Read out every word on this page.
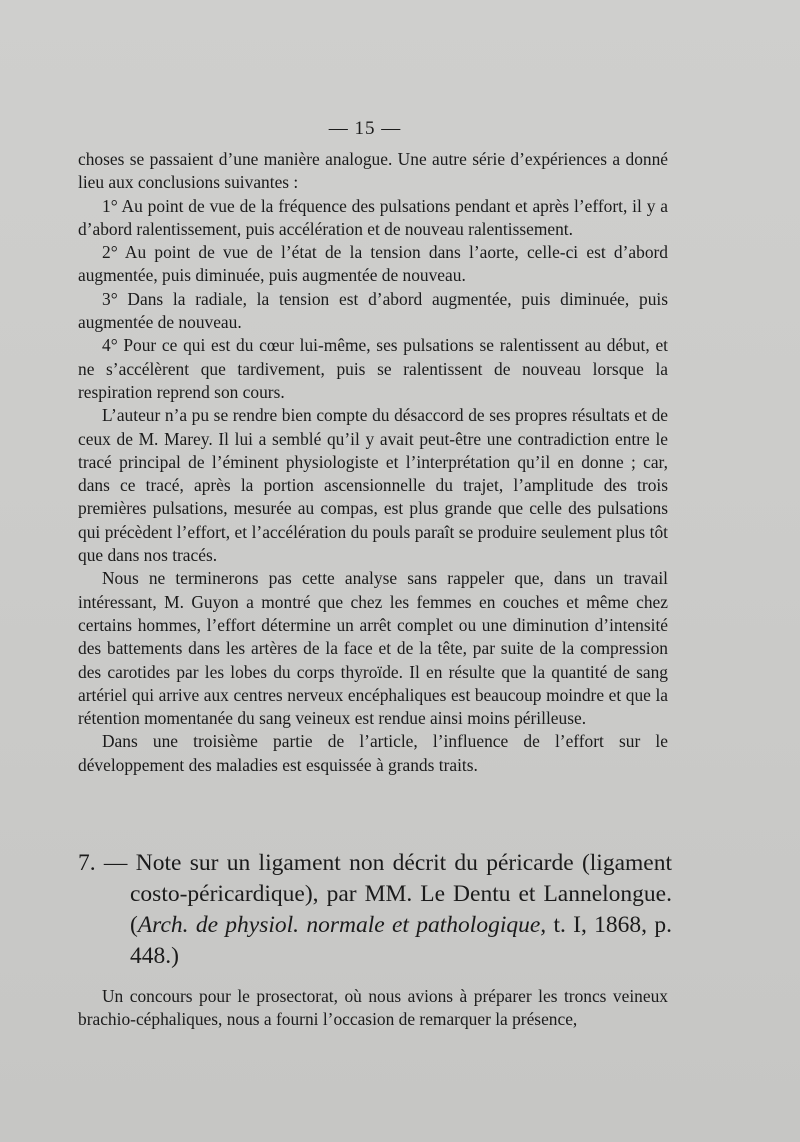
— 15 —

choses se passaient d’une manière analogue. Une autre série d’expériences a donné lieu aux conclusions suivantes :

1° Au point de vue de la fréquence des pulsations pendant et après l’effort, il y a d’abord ralentissement, puis accélération et de nouveau ralentissement.

2° Au point de vue de l’état de la tension dans l’aorte, celle-ci est d’abord augmentée, puis diminuée, puis augmentée de nouveau.

3° Dans la radiale, la tension est d’abord augmentée, puis diminuée, puis augmentée de nouveau.

4° Pour ce qui est du cœur lui-même, ses pulsations se ralentissent au début, et ne s’accélèrent que tardivement, puis se ralentissent de nouveau lorsque la respiration reprend son cours.

L’auteur n’a pu se rendre bien compte du désaccord de ses propres résultats et de ceux de M. Marey. Il lui a semblé qu’il y avait peut-être une contradiction entre le tracé principal de l’éminent physiologiste et l’interprétation qu’il en donne ; car, dans ce tracé, après la portion ascensionnelle du trajet, l’amplitude des trois premières pulsations, mesurée au compas, est plus grande que celle des pulsations qui précèdent l’effort, et l’accélération du pouls paraît se produire seulement plus tôt que dans nos tracés.

Nous ne terminerons pas cette analyse sans rappeler que, dans un travail intéressant, M. Guyon a montré que chez les femmes en couches et même chez certains hommes, l’effort détermine un arrêt complet ou une diminution d’intensité des battements dans les artères de la face et de la tête, par suite de la compression des carotides par les lobes du corps thyroïde. Il en résulte que la quantité de sang artériel qui arrive aux centres nerveux encéphaliques est beaucoup moindre et que la rétention momentanée du sang veineux est rendue ainsi moins périlleuse.

Dans une troisième partie de l’article, l’influence de l’effort sur le développement des maladies est esquissée à grands traits.

7. — Note sur un ligament non décrit du péricarde (ligament costo-péricardique), par MM. Le Dentu et Lannelongue. (Arch. de physiol. normale et pathologique, t. I, 1868, p. 448.)

Un concours pour le prosectorat, où nous avions à préparer les troncs veineux brachio-céphaliques, nous a fourni l’occasion de remarquer la présence,
